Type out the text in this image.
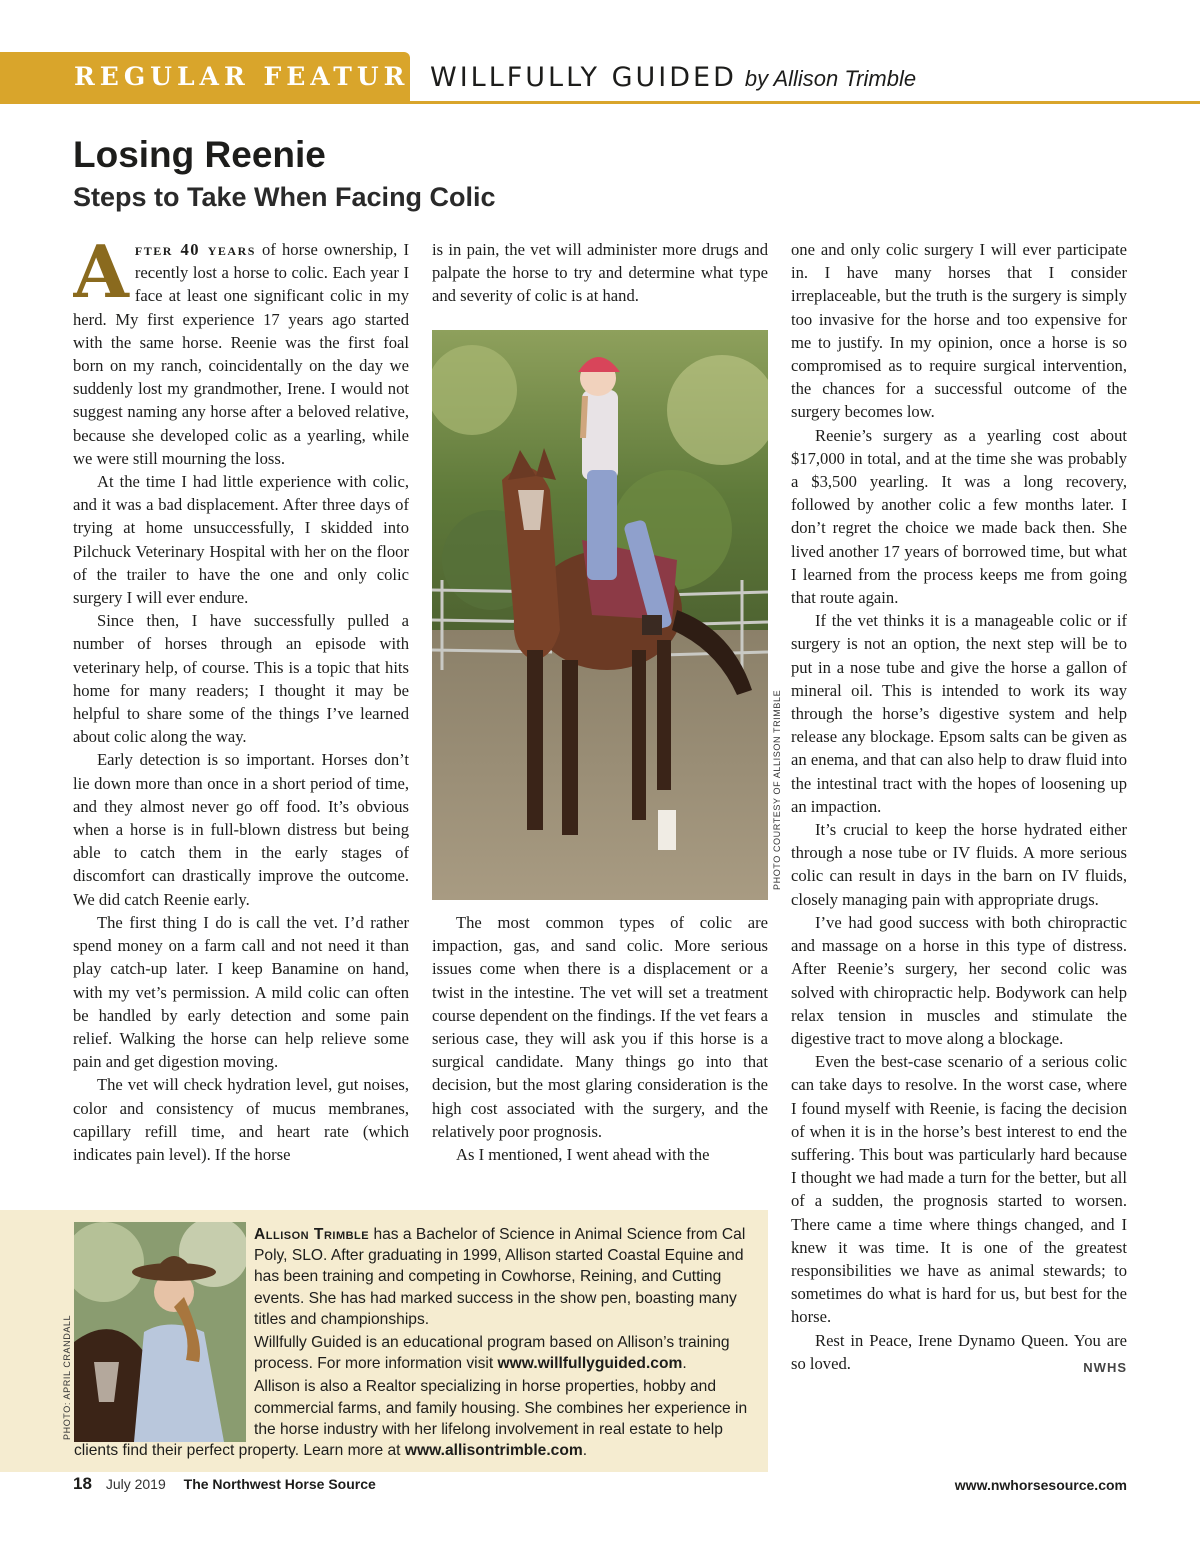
REGULAR FEATURE
WILLFULLY GUIDED by Allison Trimble
Losing Reenie
Steps to Take When Facing Colic

After 40 years of horse ownership, I recently lost a horse to colic. Each year I face at least one significant colic in my herd. My first experience 17 years ago started with the same horse. Reenie was the first foal born on my ranch, coincidentally on the day we suddenly lost my grandmother, Irene. I would not suggest naming any horse after a beloved relative, because she developed colic as a yearling, while we were still mourning the loss.

At the time I had little experience with colic, and it was a bad displacement. After three days of trying at home unsuccessfully, I skidded into Pilchuck Veterinary Hospital with her on the floor of the trailer to have the one and only colic surgery I will ever endure.

Since then, I have successfully pulled a number of horses through an episode with veterinary help, of course. This is a topic that hits home for many readers; I thought it may be helpful to share some of the things I’ve learned about colic along the way.

Early detection is so important. Horses don’t lie down more than once in a short period of time, and they almost never go off food. It’s obvious when a horse is in full-blown distress but being able to catch them in the early stages of discomfort can drastically improve the outcome. We did catch Reenie early.

The first thing I do is call the vet. I’d rather spend money on a farm call and not need it than play catch-up later. I keep Banamine on hand, with my vet’s permission. A mild colic can often be handled by early detection and some pain relief. Walking the horse can help relieve some pain and get digestion moving.

The vet will check hydration level, gut noises, color and consistency of mucus membranes, capillary refill time, and heart rate (which indicates pain level). If the horse

is in pain, the vet will administer more drugs and palpate the horse to try and determine what type and severity of colic is at hand.

PHOTO COURTESY OF ALLISON TRIMBLE

The most common types of colic are impaction, gas, and sand colic. More serious issues come when there is a displacement or a twist in the intestine. The vet will set a treatment course dependent on the findings. If the vet fears a serious case, they will ask you if this horse is a surgical candidate. Many things go into that decision, but the most glaring consideration is the high cost associated with the surgery, and the relatively poor prognosis.

As I mentioned, I went ahead with the

one and only colic surgery I will ever participate in. I have many horses that I consider irreplaceable, but the truth is the surgery is simply too invasive for the horse and too expensive for me to justify. In my opinion, once a horse is so compromised as to require surgical intervention, the chances for a successful outcome of the surgery becomes low.

Reenie’s surgery as a yearling cost about $17,000 in total, and at the time she was probably a $3,500 yearling. It was a long recovery, followed by another colic a few months later. I don’t regret the choice we made back then. She lived another 17 years of borrowed time, but what I learned from the process keeps me from going that route again.

If the vet thinks it is a manageable colic or if surgery is not an option, the next step will be to put in a nose tube and give the horse a gallon of mineral oil. This is intended to work its way through the horse’s digestive system and help release any blockage. Epsom salts can be given as an enema, and that can also help to draw fluid into the intestinal tract with the hopes of loosening up an impaction.

It’s crucial to keep the horse hydrated either through a nose tube or IV fluids. A more serious colic can result in days in the barn on IV fluids, closely managing pain with appropriate drugs.

I’ve had good success with both chiropractic and massage on a horse in this type of distress. After Reenie’s surgery, her second colic was solved with chiropractic help. Bodywork can help relax tension in muscles and stimulate the digestive tract to move along a blockage.

Even the best-case scenario of a serious colic can take days to resolve. In the worst case, where I found myself with Reenie, is facing the decision of when it is in the horse’s best interest to end the suffering. This bout was particularly hard because I thought we had made a turn for the better, but all of a sudden, the prognosis started to worsen. There came a time where things changed, and I knew it was time. It is one of the greatest responsibilities we have as animal stewards; to sometimes do what is hard for us, but best for the horse.

Rest in Peace, Irene Dynamo Queen. You are so loved.	NWHS

PHOTO: APRIL CRANDALL

Allison Trimble has a Bachelor of Science in Animal Science from Cal Poly, SLO. After graduating in 1999, Allison started Coastal Equine and has been training and competing in Cowhorse, Reining, and Cutting events. She has had marked success in the show pen, boasting many titles and championships.

Willfully Guided is an educational program based on Allison’s training process. For more information visit www.willfullyguided.com.

Allison is also a Realtor specializing in horse properties, hobby and commercial farms, and family housing. She combines her experience in the horse industry with her lifelong involvement in real estate to help clients find their perfect property. Learn more at www.allisontrimble.com.

18 July 2019 The Northwest Horse Source	www.nwhorsesource.com
